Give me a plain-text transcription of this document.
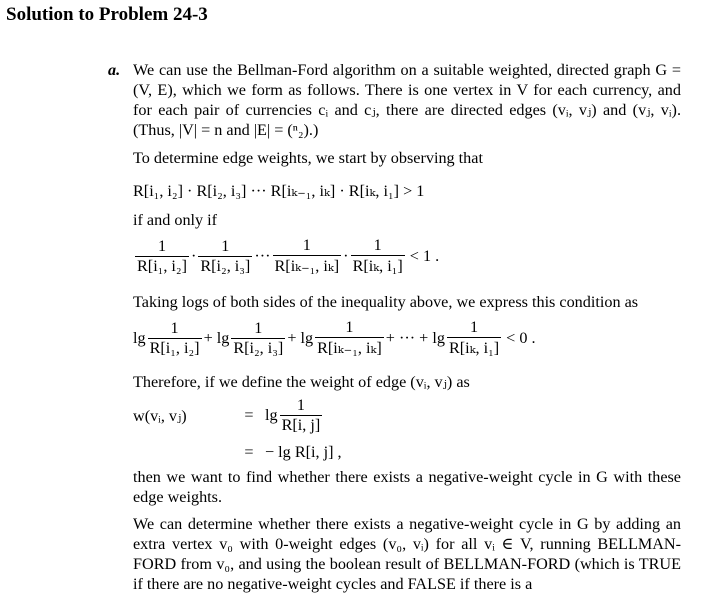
Solution to Problem 24-3
a. We can use the Bellman-Ford algorithm on a suitable weighted, directed graph G = (V, E), which we form as follows. There is one vertex in V for each currency, and for each pair of currencies cᵢ and cⱼ, there are directed edges (vᵢ, vⱼ) and (vⱼ, vᵢ). (Thus, |V| = n and |E| = (ⁿ₂).)
To determine edge weights, we start by observing that
R[i₁, i₂] · R[i₂, i₃] ··· R[iₖ₋₁, iₖ] · R[iₖ, i₁] > 1
if and only if
$\frac{1}{\text{R[i₁, i₂]}} \cdot \frac{1}{\text{R[i₂, i₃]}}$ ··· $\frac{1}{\text{R[iₖ₋₁, iₖ]}} \cdot \frac{1}{\text{R[iₖ, i₁]}} < 1$ .
Taking logs of both sides of the inequality above, we express this condition as
$\lg \frac{1}{\text{R[i₁, i₂]}} + \lg \frac{1}{\text{R[i₂, i₃]}} + \lg \frac{1}{\text{R[iₖ₋₁, iₖ]}}$ + ··· + $\lg \frac{1}{\text{R[iₖ, i₁]}} < 0$ .
Therefore, if we define the weight of edge (vᵢ, vⱼ) as
w(vᵢ, vⱼ)	= $\lg \frac{1}{R[i, j]}$
= − lg R[i, j] ,
then we want to find whether there exists a negative-weight cycle in G with these edge weights.
We can determine whether there exists a negative-weight cycle in G by adding an extra vertex v₀ with 0-weight edges (v₀, vᵢ) for all vᵢ ∈ V, running BELLMAN-FORD from v₀, and using the boolean result of BELLMAN-FORD (which is TRUE if there are no negative-weight cycles and FALSE if there is a
